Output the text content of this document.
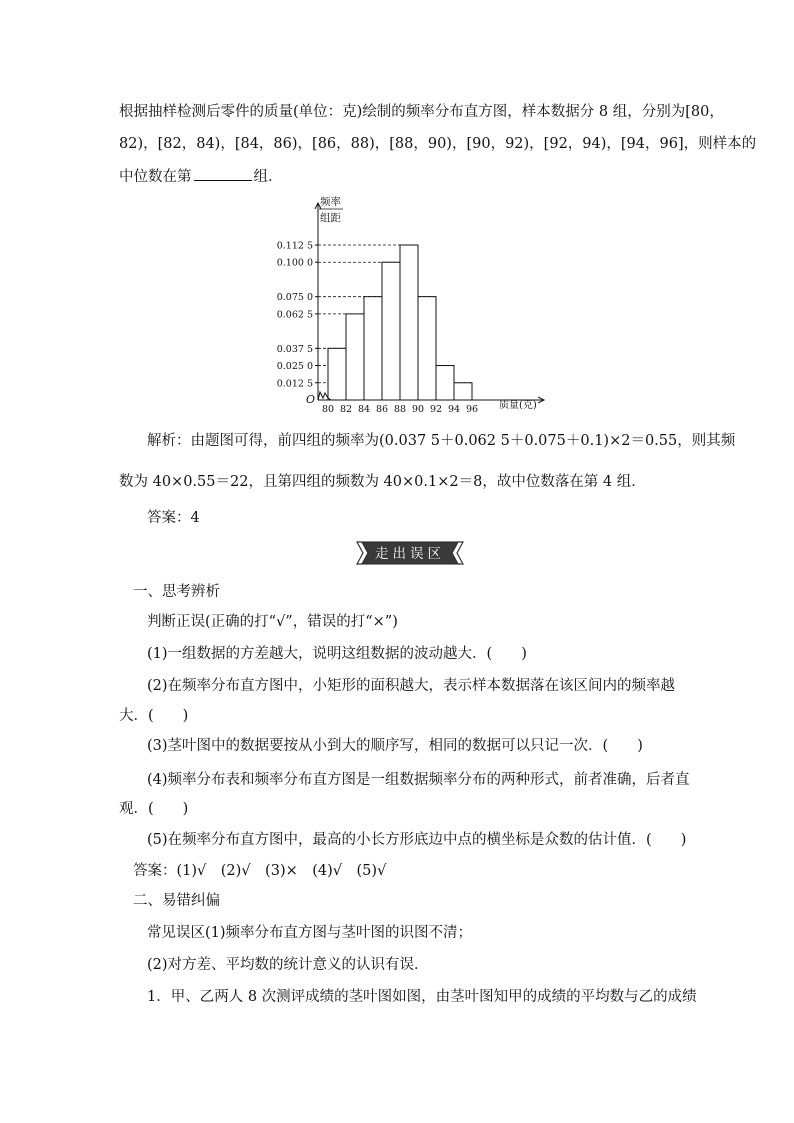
根据抽样检测后零件的质量(单位：克)绘制的频率分布直方图，样本数据分 8 组，分别为[80，
82)，[82，84)，[84，86)，[86，88)，[88，90)，[90，92)，[92，94)，[94，96]，则样本的
中位数在第	组．
频率
组距
O	质量(克)
0.012 5
0.025 0
0.037 5
0.062 5
0.075 0
0.100 0
0.112 5
80 82 84 86 88 90 92 94 96
解析：由题图可得，前四组的频率为(0.037 5＋0.062 5＋0.075＋0.1)×2＝0.55，则其频
数为 40×0.55＝22，且第四组的频数为 40×0.1×2＝8，故中位数落在第 4 组．
答案：4
走出误区
一、思考辨析
判断正误(正确的打“√”，错误的打“×”)
(1)一组数据的方差越大，说明这组数据的波动越大．(　　)
(2)在频率分布直方图中，小矩形的面积越大，表示样本数据落在该区间内的频率越
大．(　　)
(3)茎叶图中的数据要按从小到大的顺序写，相同的数据可以只记一次．(　　)
(4)频率分布表和频率分布直方图是一组数据频率分布的两种形式，前者准确，后者直
观．(　　)
(5)在频率分布直方图中，最高的小长方形底边中点的横坐标是众数的估计值．(　　)
答案：(1)√　(2)√　(3)×　(4)√　(5)√
二、易错纠偏
常见误区(1)频率分布直方图与茎叶图的识图不清；
(2)对方差、平均数的统计意义的认识有误．
1．甲、乙两人 8 次测评成绩的茎叶图如图，由茎叶图知甲的成绩的平均数与乙的成绩
